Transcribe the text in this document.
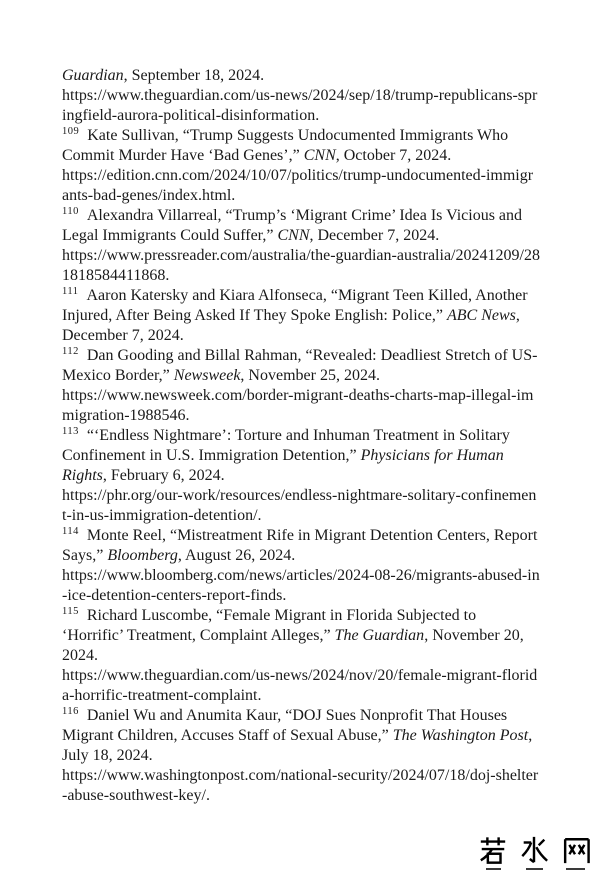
Guardian, September 18, 2024.
https://www.theguardian.com/us-news/2024/sep/18/trump-republicans-springfield-aurora-political-disinformation.
$^{109}$ Kate Sullivan, “Trump Suggests Undocumented Immigrants Who Commit Murder Have ‘Bad Genes’,” CNN, October 7, 2024.
https://edition.cnn.com/2024/10/07/politics/trump-undocumented-immigrants-bad-genes/index.html.
$^{110}$ Alexandra Villarreal, “Trump’s ‘Migrant Crime’ Idea Is Vicious and Legal Immigrants Could Suffer,” CNN, December 7, 2024.
https://www.pressreader.com/australia/the-guardian-australia/20241209/281818584411868.
$^{111}$ Aaron Katersky and Kiara Alfonseca, “Migrant Teen Killed, Another Injured, After Being Asked If They Spoke English: Police,” ABC News, December 7, 2024.
$^{112}$ Dan Gooding and Billal Rahman, “Revealed: Deadliest Stretch of US-Mexico Border,” Newsweek, November 25, 2024.
https://www.newsweek.com/border-migrant-deaths-charts-map-illegal-immigration-1988546.
$^{113}$ “‘Endless Nightmare’: Torture and Inhuman Treatment in Solitary Confinement in U.S. Immigration Detention,” Physicians for Human Rights, February 6, 2024.
https://phr.org/our-work/resources/endless-nightmare-solitary-confinement-in-us-immigration-detention/.
$^{114}$ Monte Reel, “Mistreatment Rife in Migrant Detention Centers, Report Says,” Bloomberg, August 26, 2024.
https://www.bloomberg.com/news/articles/2024-08-26/migrants-abused-in-ice-detention-centers-report-finds.
$^{115}$ Richard Luscombe, “Female Migrant in Florida Subjected to ‘Horrific’ Treatment, Complaint Alleges,” The Guardian, November 20, 2024.
https://www.theguardian.com/us-news/2024/nov/20/female-migrant-florida-horrific-treatment-complaint.
$^{116}$ Daniel Wu and Anumita Kaur, “DOJ Sues Nonprofit That Houses Migrant Children, Accuses Staff of Sexual Abuse,” The Washington Post, July 18, 2024.
https://www.washingtonpost.com/national-security/2024/07/18/doj-shelter-abuse-southwest-key/.
